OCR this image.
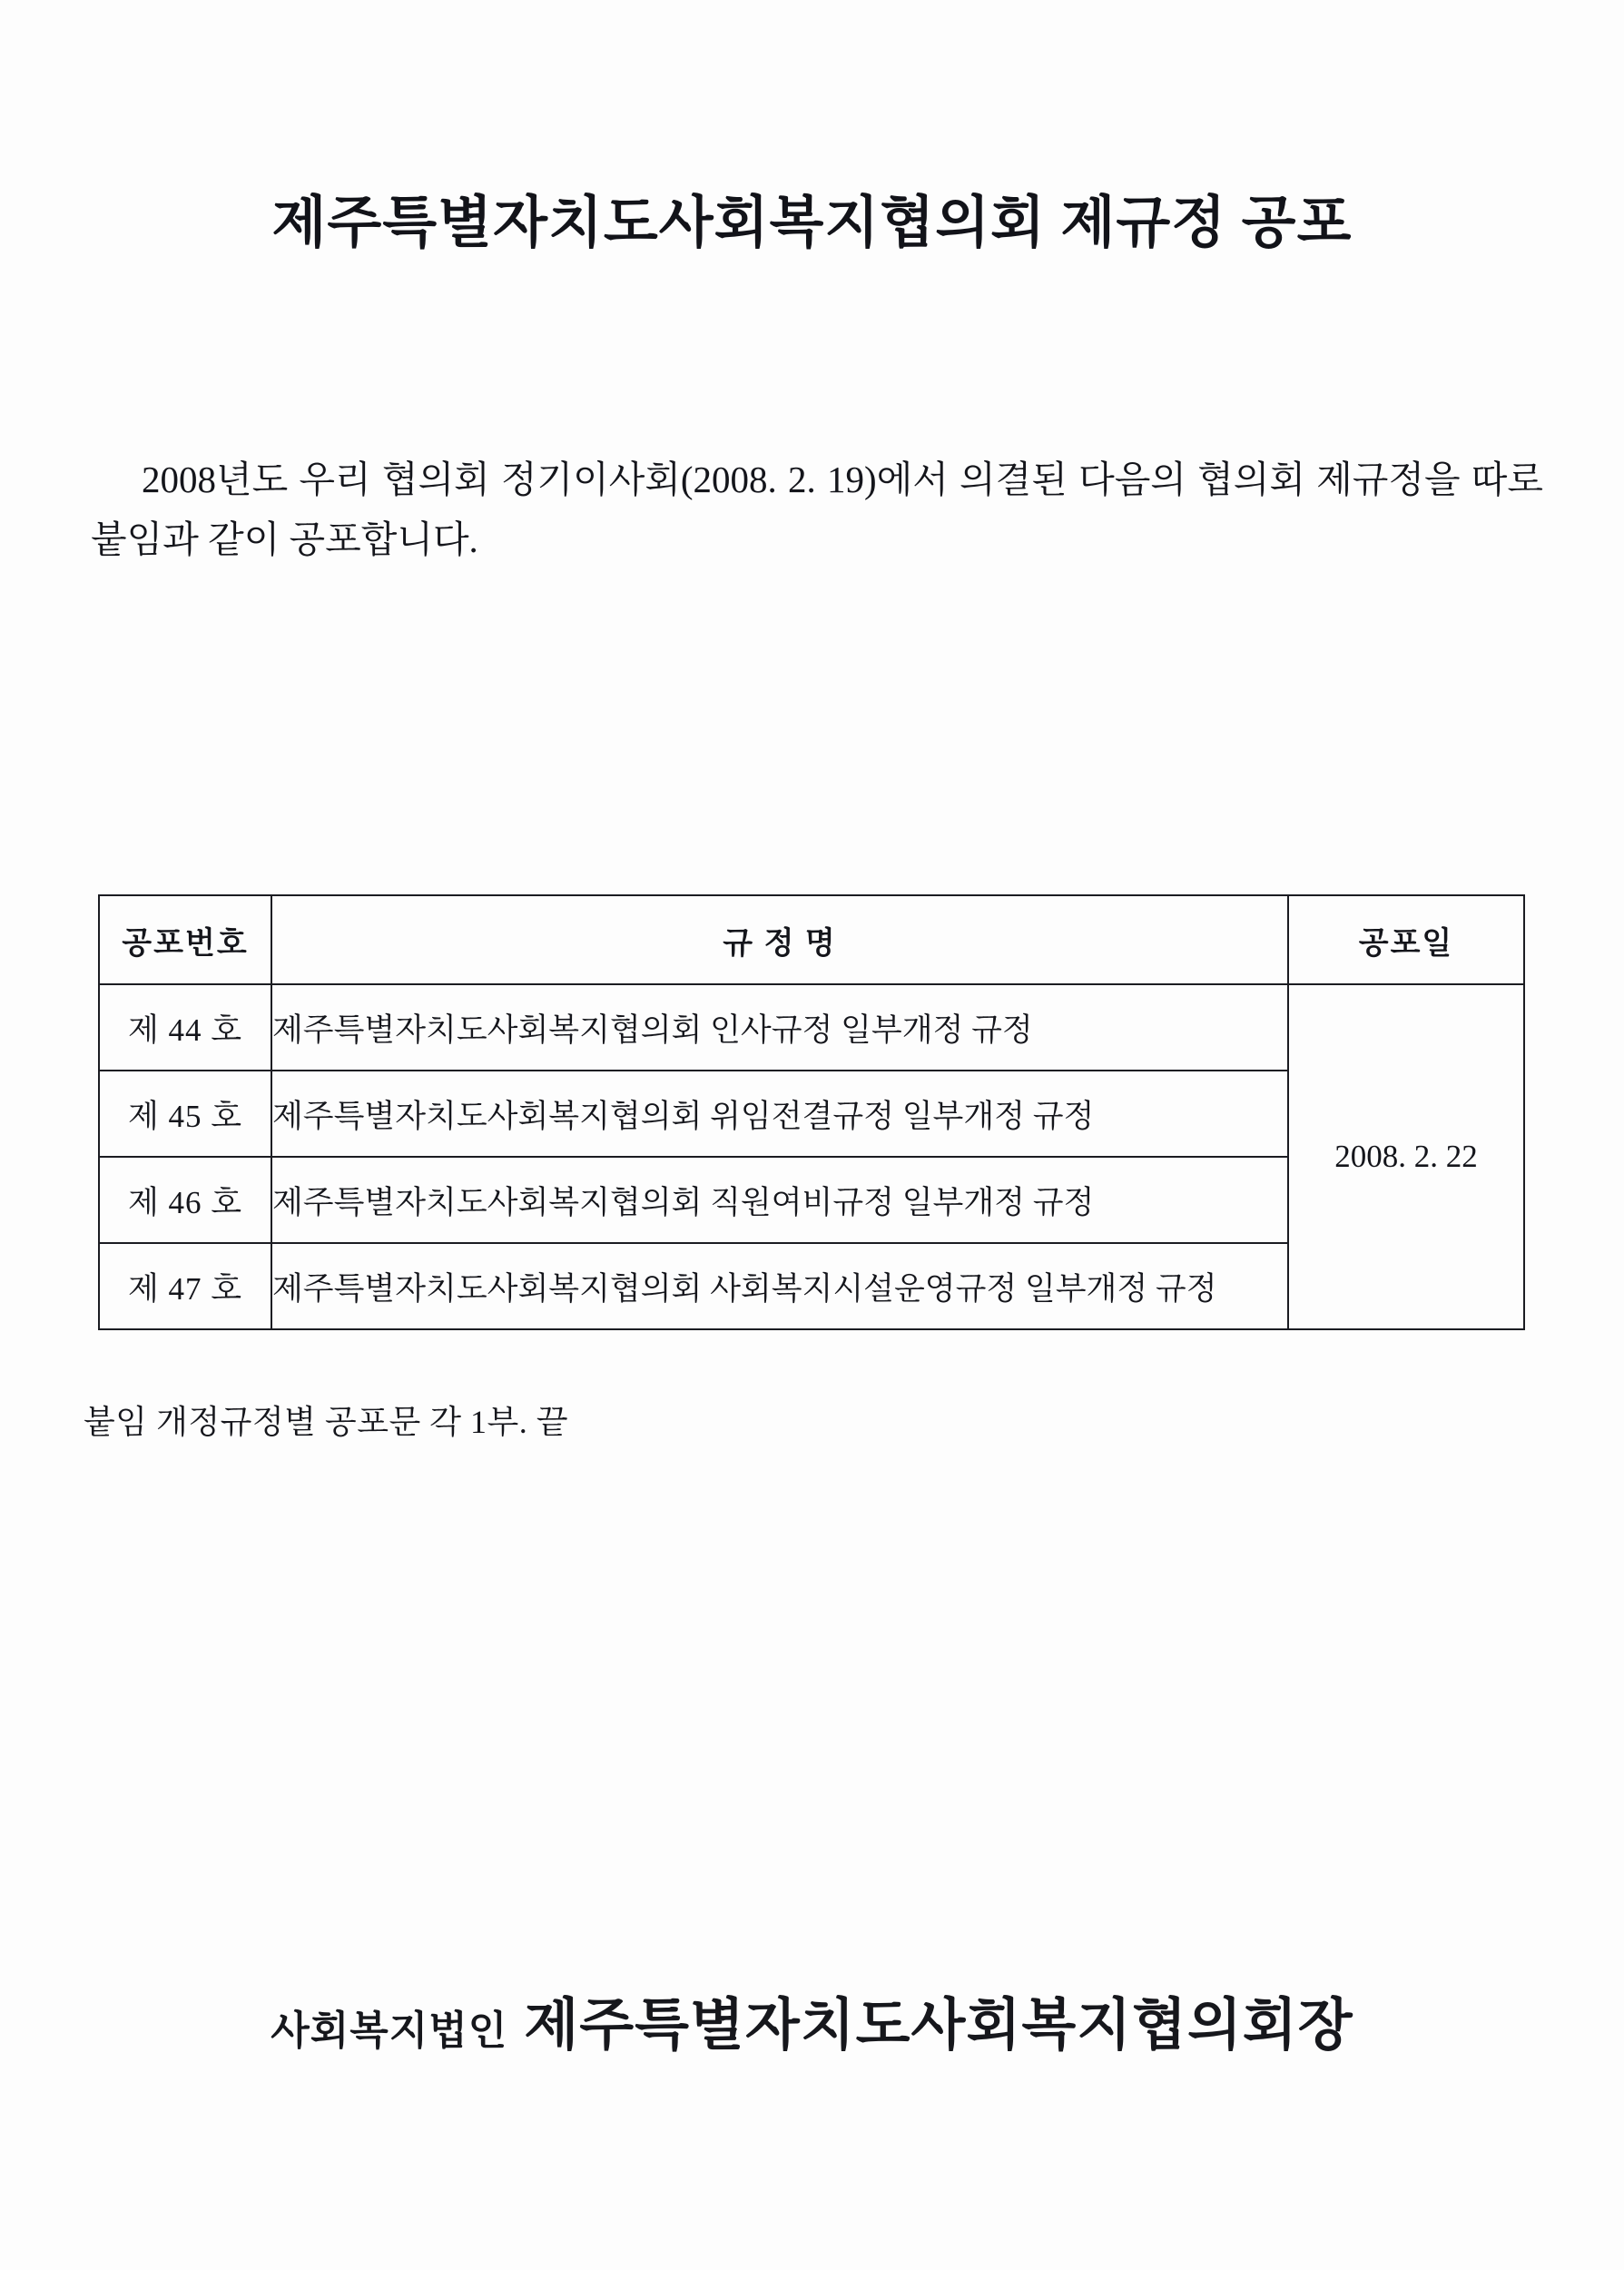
제주특별자치도사회복지협의회 제규정 공포
2008년도 우리 협의회 정기이사회(2008. 2. 19)에서 의결된 다음의 협의회 제규정을 따로붙임과 같이 공포합니다.
공포번호	규 정 명	공포일
제 44 호	제주특별자치도사회복지협의회 인사규정 일부개정 규정	2008. 2. 22
제 45 호	제주특별자치도사회복지협의회 위임전결규정 일부개정 규정	
제 46 호	제주특별자치도사회복지협의회 직원여비규정 일부개정 규정	
제 47 호	제주특별자치도사회복지협의회 사회복지시설운영규정 일부개정 규정	
붙임 개정규정별 공포문 각 1부. 끝
사회복지법인 제주특별자치도사회복지협의회장
